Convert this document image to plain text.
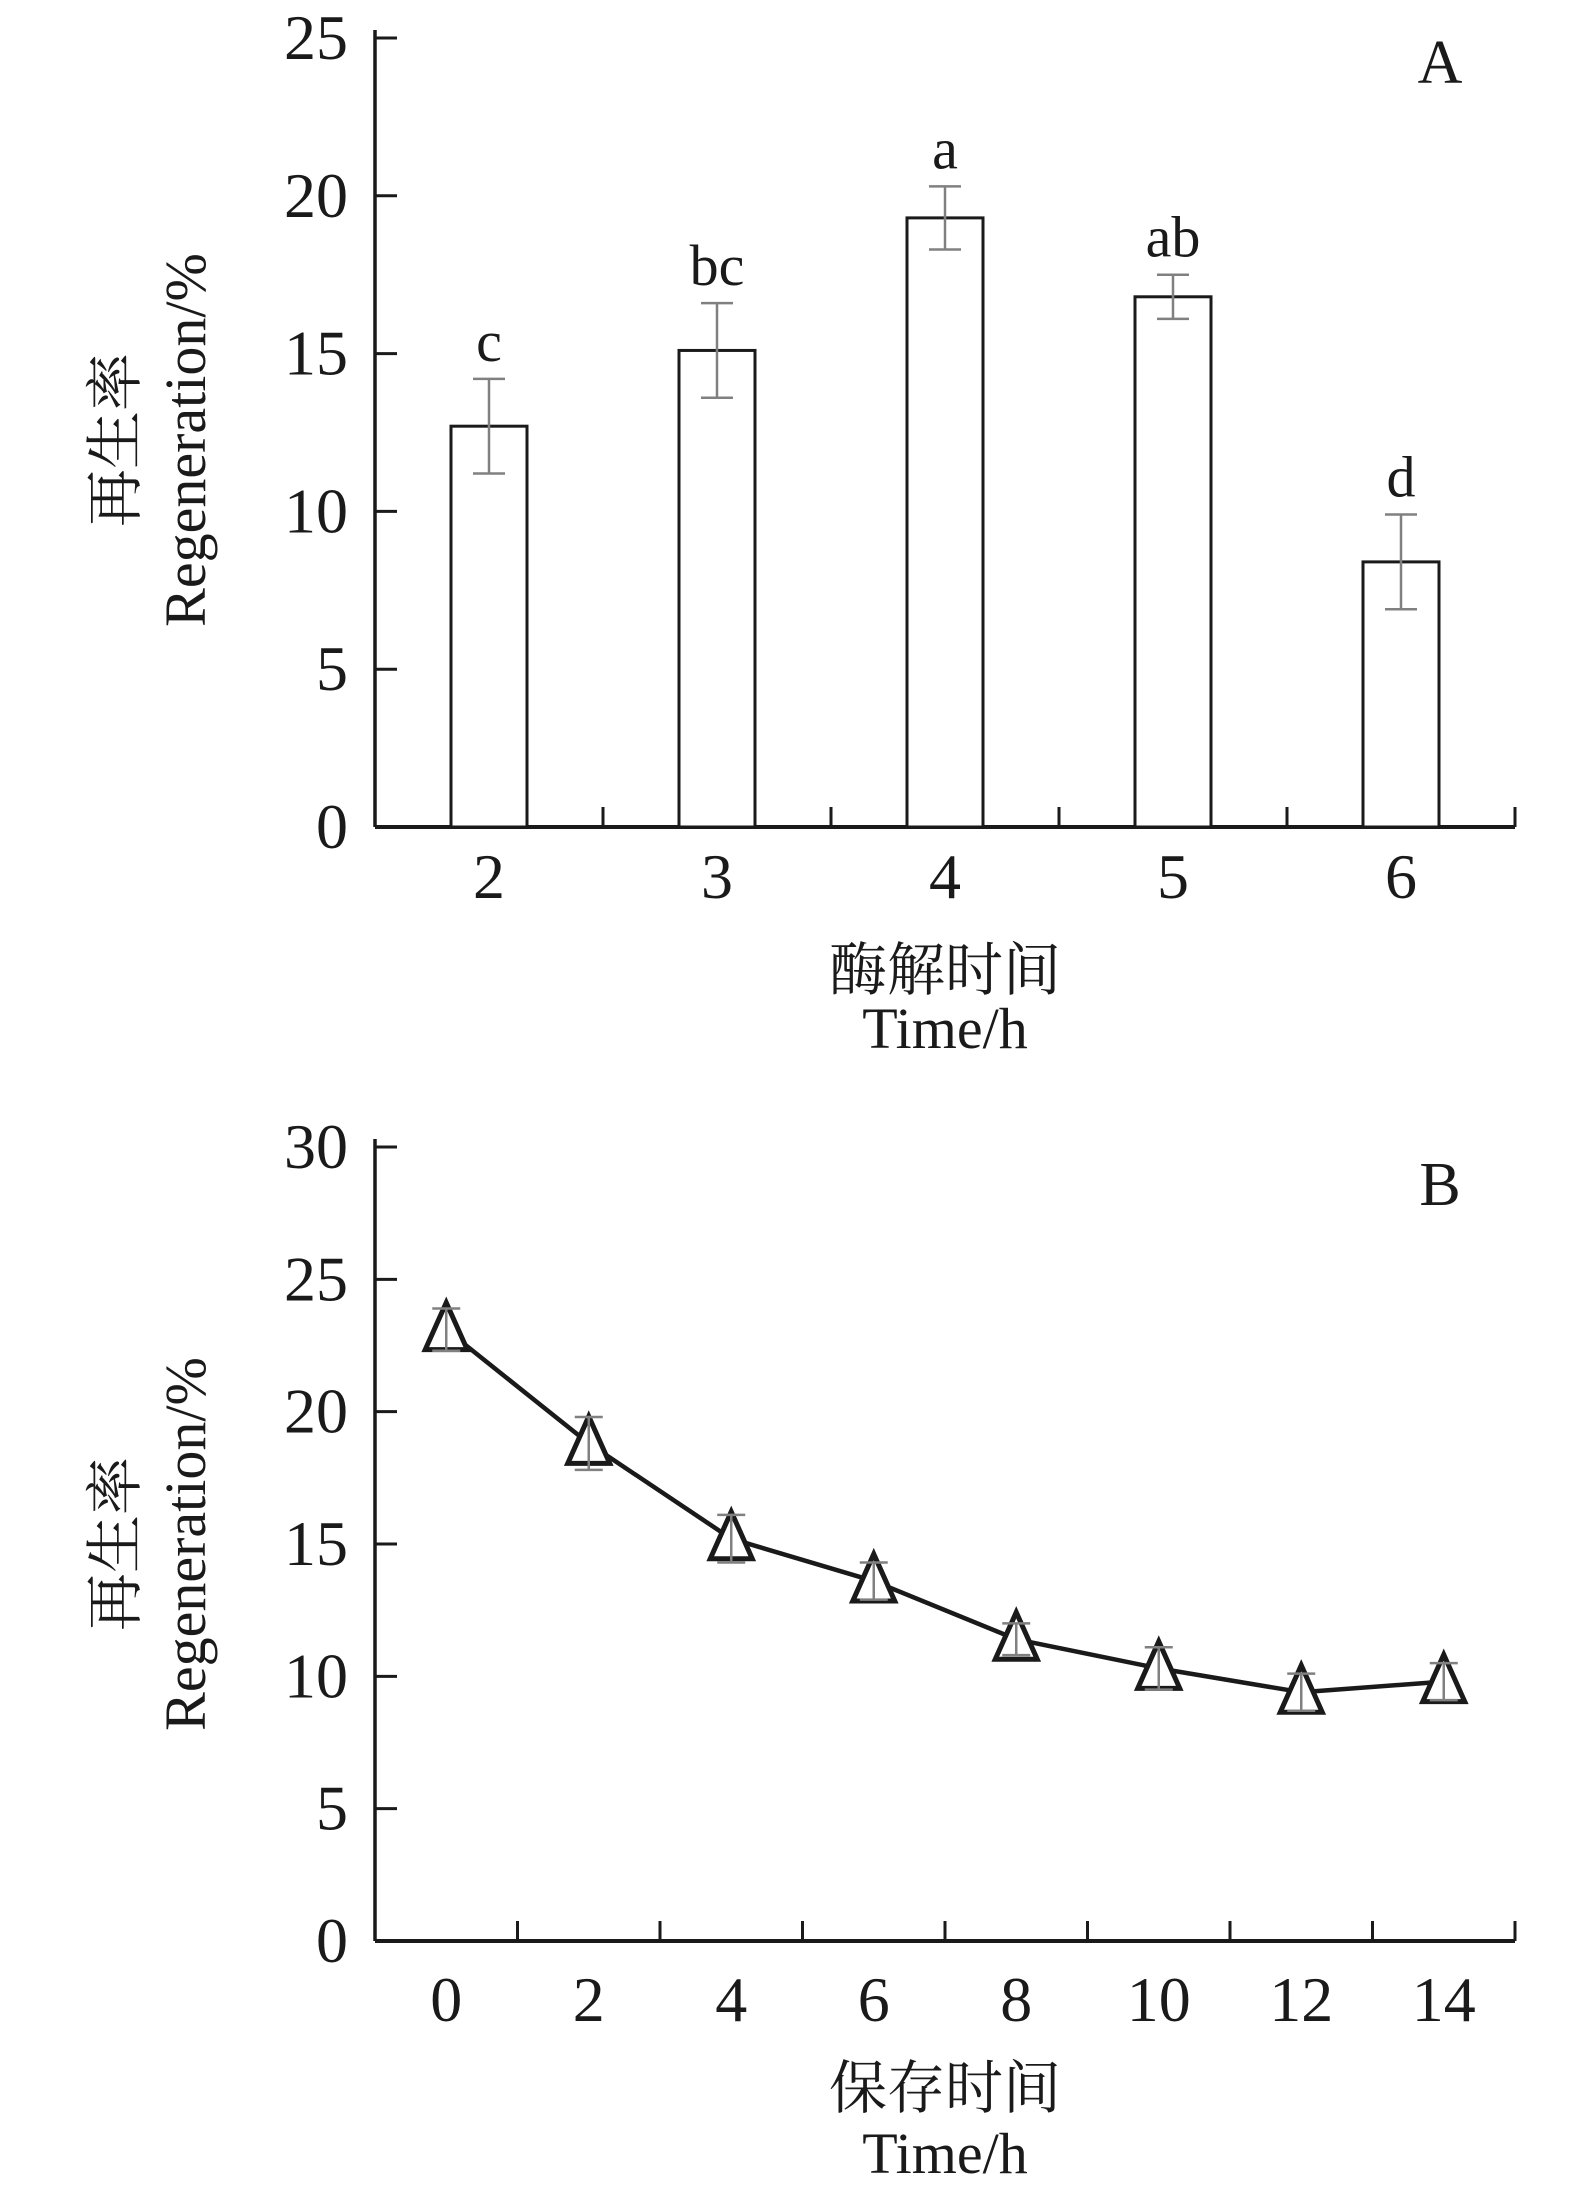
0
5
10
15
20
25
2	3	4	5	6
c
bc
a
ab
d
酶解时间
Time/h
再生率 Regeneration/%
A
0
5
10
15
20
25
30
0 2 4 6 8 10 12 14
保存时间
Time/h
再生率 Regeneration/%
B
